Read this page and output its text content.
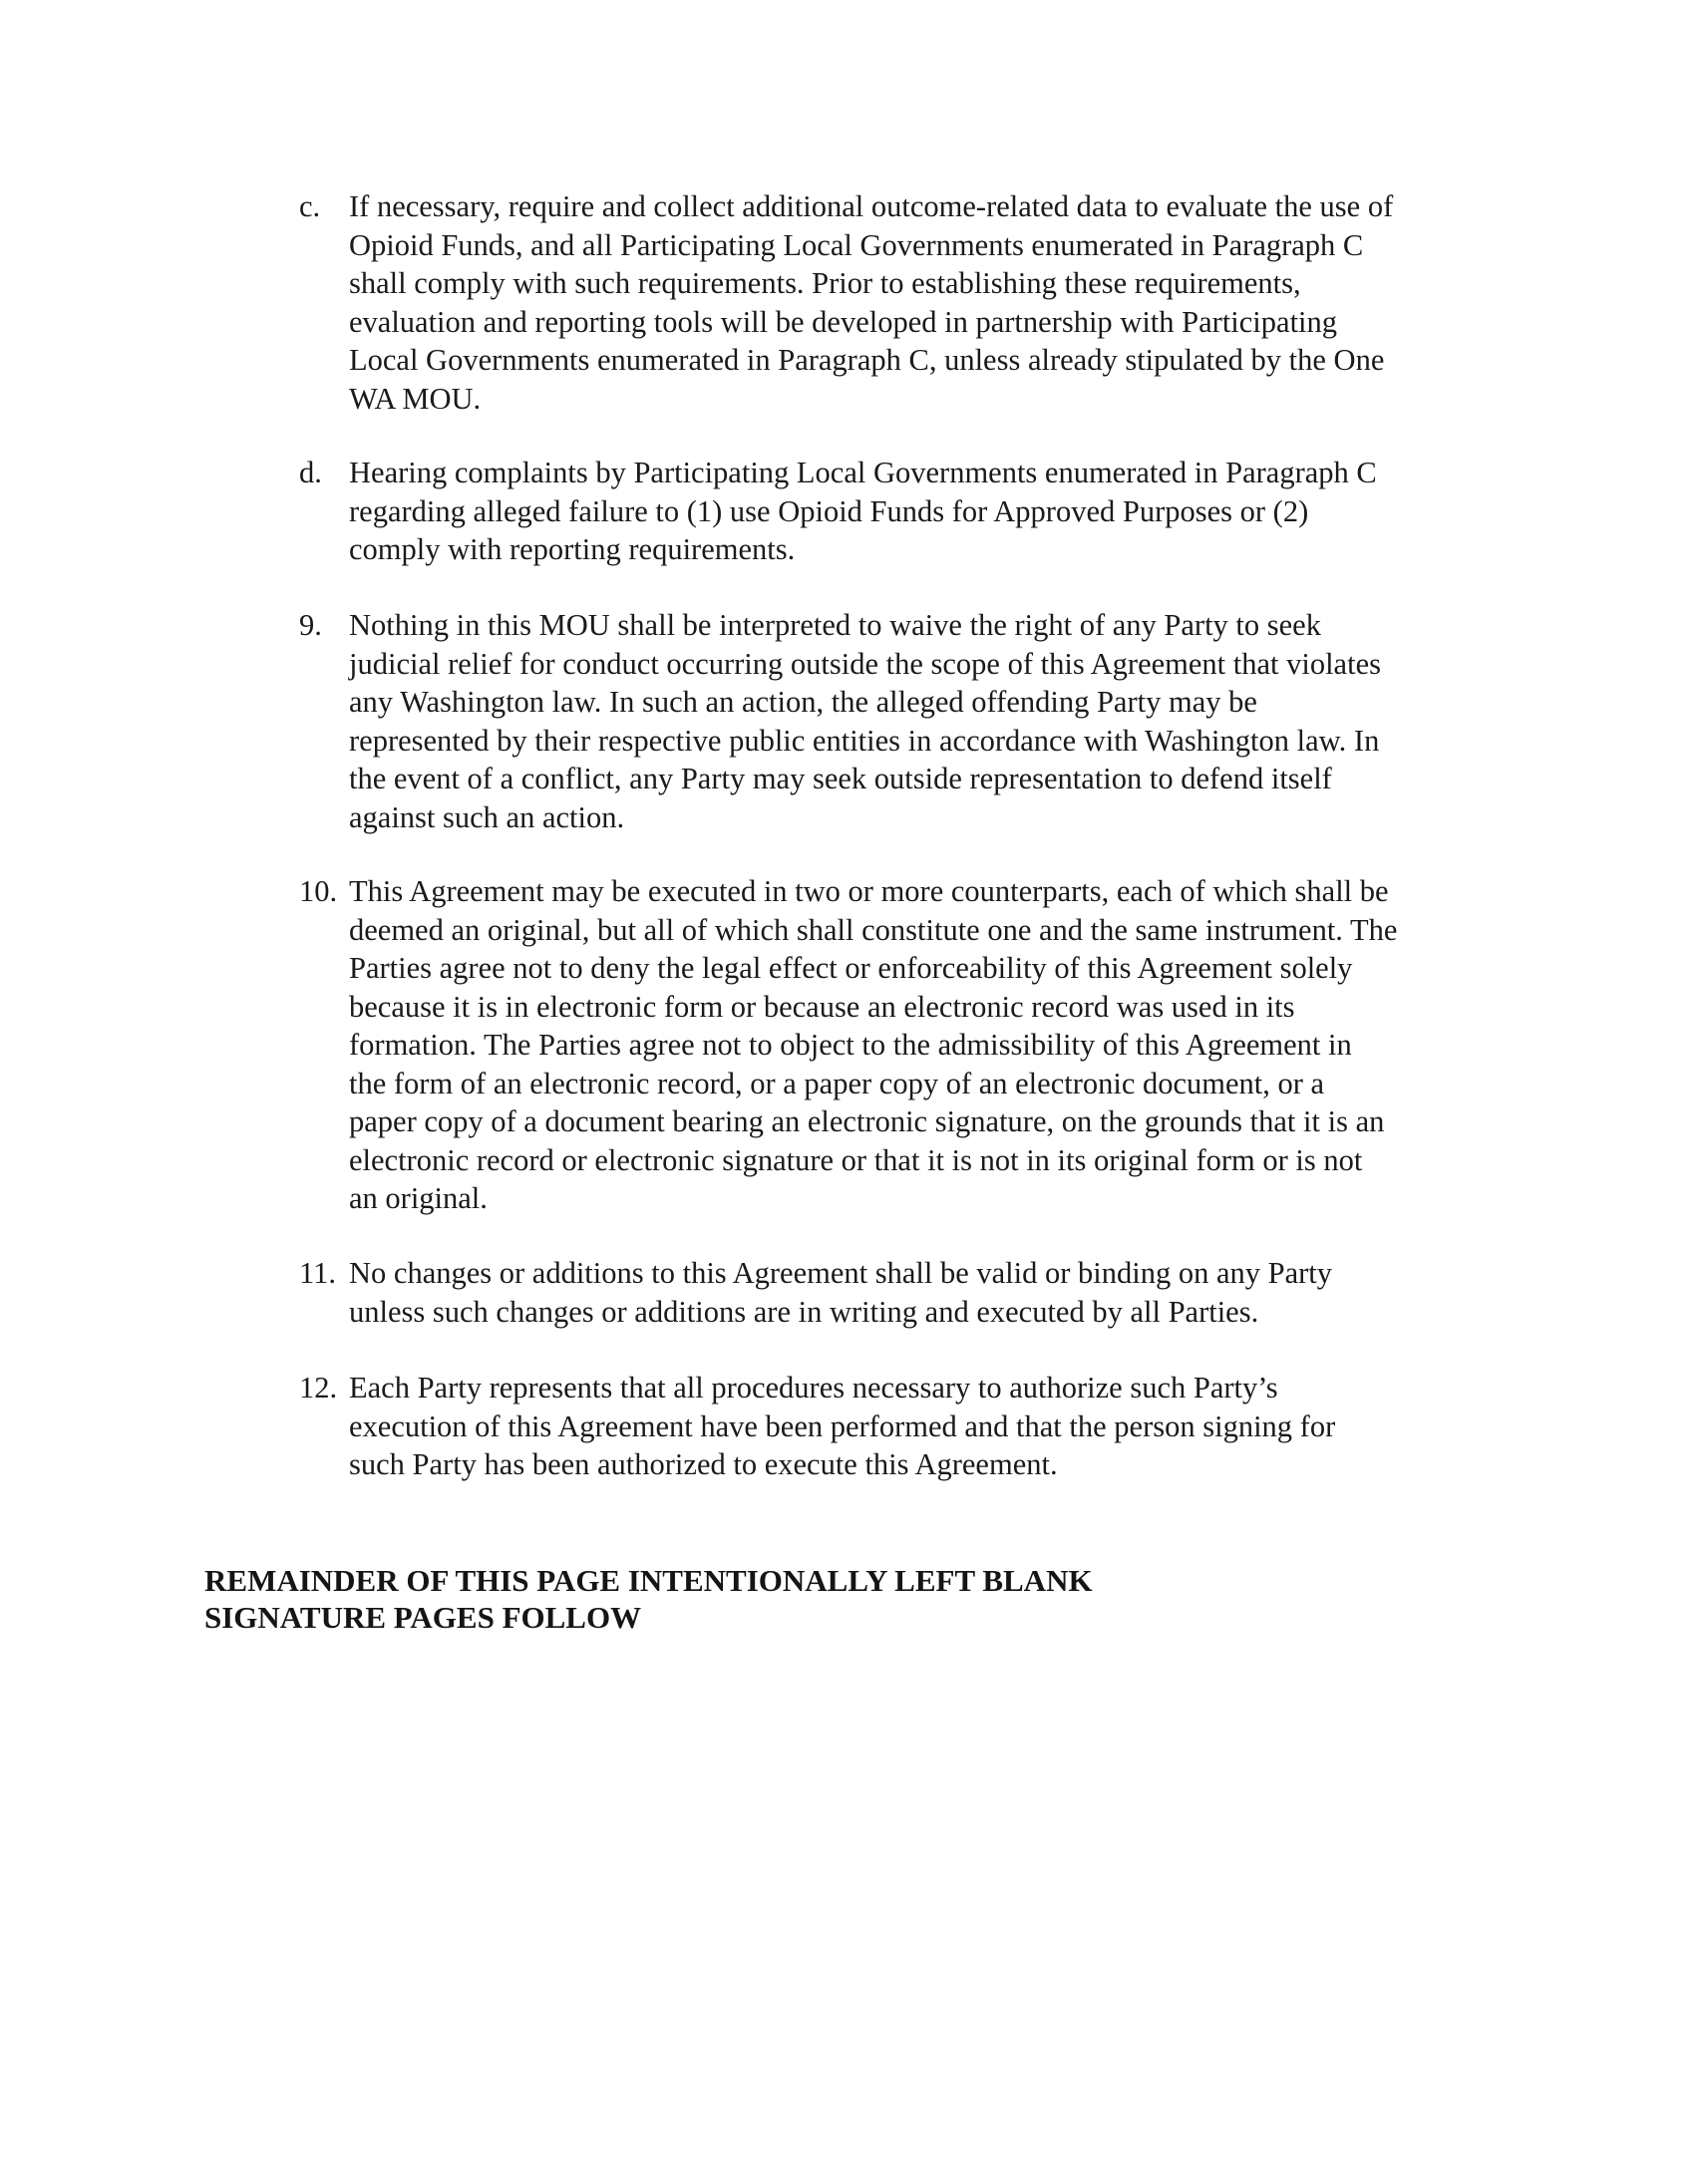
c. If necessary, require and collect additional outcome-related data to evaluate the use of
Opioid Funds, and all Participating Local Governments enumerated in Paragraph C
shall comply with such requirements. Prior to establishing these requirements,
evaluation and reporting tools will be developed in partnership with Participating
Local Governments enumerated in Paragraph C, unless already stipulated by the One
WA MOU.
d. Hearing complaints by Participating Local Governments enumerated in Paragraph C
regarding alleged failure to (1) use Opioid Funds for Approved Purposes or (2)
comply with reporting requirements.
9. Nothing in this MOU shall be interpreted to waive the right of any Party to seek
judicial relief for conduct occurring outside the scope of this Agreement that violates
any Washington law. In such an action, the alleged offending Party may be
represented by their respective public entities in accordance with Washington law. In
the event of a conflict, any Party may seek outside representation to defend itself
against such an action.
10. This Agreement may be executed in two or more counterparts, each of which shall be
deemed an original, but all of which shall constitute one and the same instrument. The
Parties agree not to deny the legal effect or enforceability of this Agreement solely
because it is in electronic form or because an electronic record was used in its
formation. The Parties agree not to object to the admissibility of this Agreement in
the form of an electronic record, or a paper copy of an electronic document, or a
paper copy of a document bearing an electronic signature, on the grounds that it is an
electronic record or electronic signature or that it is not in its original form or is not
an original.
11. No changes or additions to this Agreement shall be valid or binding on any Party
unless such changes or additions are in writing and executed by all Parties.
12. Each Party represents that all procedures necessary to authorize such Party’s
execution of this Agreement have been performed and that the person signing for
such Party has been authorized to execute this Agreement.
REMAINDER OF THIS PAGE INTENTIONALLY LEFT BLANK
SIGNATURE PAGES FOLLOW
